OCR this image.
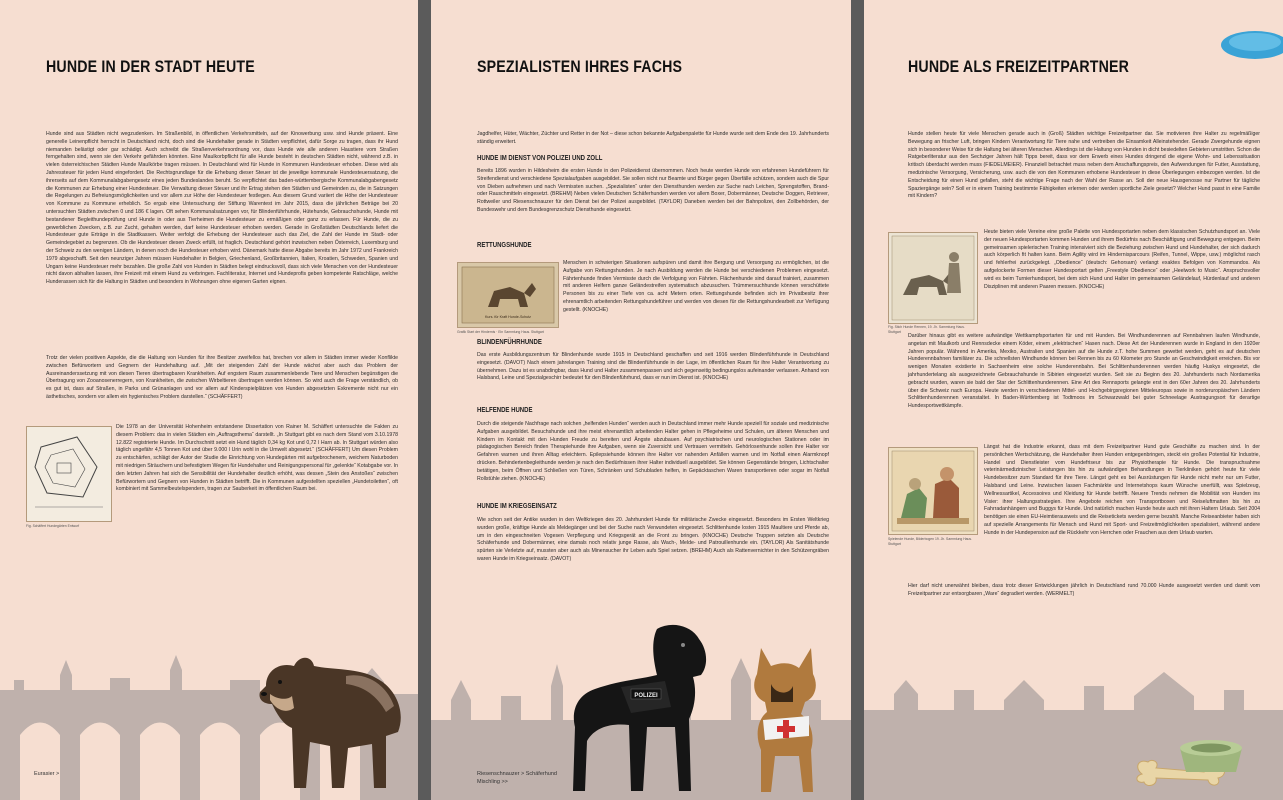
HUNDE IN DER STADT HEUTE

Hunde sind aus Städten nicht wegzudenken. Im Straßenbild, in öffentlichen Verkehrsmitteln, auf der Kinowerbung usw. sind Hunde präsent. Eine generelle Leinenpflicht herrscht in Deutschland nicht, doch sind die Hundehalter gerade in Städten verpflichtet, dafür Sorge zu tragen, dass ihr Hund niemanden belästigt oder gar schädigt. Auch schreibt die Straßenverkehrsordnung vor, dass Hunde wie alle anderen Haustiere vom Straßen ferngehalten sind, wenn sie den Verkehr gefährden könnten. Eine Maulkorbpflicht für alle Hunde besteht in deutschen Städten nicht, während z.B. in vielen österreichischen Städten Hunde Maulkörbe tragen müssen. In Deutschland wird für Hunde in Kommunen Hundesteuer erhoben. Diese wird als Jahressteuer für jeden Hund eingefordert. Die Rechtsgrundlage für die Erhebung dieser Steuer ist die jeweilige kommunale Hundesteuersatzung, die ihrerseits auf dem Kommunalabgabengesetz eines jeden Bundeslandes beruht. So verpflichtet das baden-württembergische Kommunalabgabengesetz die Kommunen zur Erhebung einer Hundesteuer. Die Verwaltung dieser Steuer und ihr Ertrag stehen den Städten und Gemeinden zu, die in Satzungen die Regelungen zu Befreiungsmöglichkeiten und vor allem zur Höhe der Hundesteuer festlegen. Aus diesem Grund variiert die Höhe der Hundesteuer von Kommune zu Kommune erheblich. So ergab eine Untersuchung der Stiftung Warentest im Jahr 2015, dass die jährlichen Beträge bei 20 untersuchten Städten zwischen 0 und 186 € lagen. Oft sehen Kommunalsatzungen vor, für Blindenführhunde, Hütehunde, Gebrauchshunde, Hunde mit bestandener Begleithundeprüfung und Hunde in oder aus Tierheimen die Hundesteuer zu ermäßigen oder ganz zu erlassen. Für Hunde, die zu gewerblichen Zwecken, z.B. zur Zucht, gehalten werden, darf keine Hundesteuer erhoben werden. Gerade in Großstädten Deutschlands liefert die Hundesteuer gute Erträge in die Stadtkassen. Weiter verfolgt die Erhebung der Hundesteuer auch das Ziel, die Zahl der Hunde im Stadt- oder Gemeindegebiet zu begrenzen. Ob die Hundesteuer diesen Zweck erfüllt, ist fraglich. Deutschland gehört inzwischen neben Österreich, Luxemburg und der Schweiz zu den wenigen Ländern, in denen noch die Hundesteuer erhoben wird. Dänemark hatte diese Abgabe bereits im Jahr 1972 und Frankreich 1979 abgeschafft. Seit den neunziger Jahren müssen Hundehalter in Belgien, Griechenland, Großbritannien, Italien, Kroatien, Schweden, Spanien und Ungarn keine Hundesteuer mehr bezahlen. Die große Zahl von Hunden in Städten belegt eindrucksvoll, dass sich viele Menschen von der Hundesteuer nicht davon abhalten lassen, ihre Freizeit mit einem Hund zu verbringen. Fachliteratur, Internet und Hundeprofis geben kompetente Ratschläge, welche Hunderassen sich für die Haltung in Städten und besonders in Wohnungen ohne eigenen Garten eignen.

Trotz der vielen positiven Aspekte, die die Haltung von Hunden für ihre Besitzer zweifellos hat, brechen vor allem in Städten immer wieder Konflikte zwischen Befürwortern und Gegnern der Hundehaltung auf. „Mit der steigenden Zahl der Hunde wächst aber auch das Problem der Ausreinanderssetzung mit von diesen Tieren übertragbaren Krankheiten. Auf engstem Raum zusammenlebende Tiere und Menschen begünstigen die Übertragung von Zooanosenerregern, von Krankheiten, die zwischen Wirbeltieren übertragen werden können. So wird auch die Frage verständlich, ob es gut ist, dass auf Straßen, in Parks und Grünanlagen und vor allem auf Kinderspielplätzen von Hunden abgesetzten Exkremente nicht nur ein ästhetisches, sondern vor allem ein hygienisches Problem darstellen.“ (SCHÄFFERT)

Fig. Schäffert Hundegärten Entwurf

Die 1978 an der Universität Hohenheim entstandene Dissertation von Rainer M. Schäffert untersuchte die Fakten zu diesem Problem: das in vielen Städten ein „Auftragsthema“ darstellt. „In Stuttgart gibt es nach dem Stand vom 3.10.1978 12.822 registrierte Hunde. Im Durchschnitt setzt ein Hund täglich 0,34 kg Kot und 0,72 l Harn ab. In Stuttgart würden also täglich ungefähr 4,5 Tonnen Kot und über 9.000 l Urin wohl in die Umwelt abgesetzt.“ (SCHÄFFERT) Um diesen Problem zu entschärfen, schlägt der Autor der Studie die Einrichtung von Hundegärten mit aufgebrochenem, weichem Naturboden mit niedrigen Sträuchern und befestigtem Wegen für Hundehalter und Reinigungspersonal für „gelenkte“ Kotabgabe vor. In den letzten Jahren hat sich die Sensibilität der Hundehalter deutlich erhöht, was dessen „Stein des Anstoßes“ zwischen Befürwortern und Gegnern von Hunden in Städten betrifft. Die in Kommunen aufgestellten speziellen „Hundetoiletten“, oft kombiniert mit Sammelbeutelspendern, tragen zur Sauberkeit im öffentlichen Raum bei.

Eurasier >
SPEZIALISTEN IHRES FACHS

Jagdhelfer, Hüter, Wächter, Züchter und Retter in der Not – diese schon bekannte Aufgabenpalette für Hunde wurde seit dem Ende des 19. Jahrhunderts ständig erweitert.

HUNDE IM DIENST VON POLIZEI UND ZOLL

Bereits 1896 wurden in Hildesheim die ersten Hunde in den Polizeidienst übernommen. Noch heute werden Hunde von erfahrenen Hundeführern für Streifendienst und verschiedene Spezialaufgaben ausgebildet. Sie sollen nicht nur Beamte und Bürger gegen Überfälle schützen, sondern auch die Spur von Dieben aufnehmen und nach Vermissten suchen. „Spezialisten“ unter den Diensthunden werden zur Suche nach Leichen, Sprengstoffen, Brand- oder Rauschmitteln eingesetzt. (BREHM) Neben vielen Deutschen Schäferhunden werden vor allem Boxer, Dobermänner, Deutsche Doggen, Retriever, Rottweiler und Riesenschnauzer für den Dienst bei der Polizei ausgebildet. (TAYLOR) Daneben werden bei der Bahnpolizei, den Zollbehörden, der Bundeswehr und dem Bundesgrenzschutz Diensthunde eingesetzt.

RETTUNGSHUNDE
Kurs. für Kraft Hunde-Schutz
Grafik Start der Hindernis · Ein Sammlung Haus. Stuttgart

Menschen in schwierigen Situationen aufspüren und damit ihre Bergung und Versorgung zu ermöglichen, ist die Aufgabe von Rettungshunden. Je nach Ausbildung werden die Hunde bei verschiedenen Problemen eingesetzt. Fährtenhunde finden Vermisste durch die Verfolgung von Fährten. Flächenhunde sind darauf trainiert, zusammen mit anderen Helfern ganze Geländestreifen systematisch abzusuchen. Trümmersuchhunde können verschüttete Personen bis zu einer Tiefe von ca. acht Metern orten. Rettungshunde befinden sich im Privatbesitz ihrer ehrenamtlich arbeitenden Rettungshundeführer und werden von diesen für die Rettungshundearbeit zur Verfügung gestellt. (KNOCHE)

BLINDENFÜHRHUNDE

Das erste Ausbildungszentrum für Blindenhunde wurde 1915 in Deutschland geschaffen und seit 1916 werden Blindenführhunde in Deutschland eingesetzt. (DAVOT) Nach einem jahrelangen Training sind die Blindenführhunde in der Lage, im öffentlichen Raum für ihre Halter Verantwortung zu übernehmen. Dazu ist es unabdingbar, dass Hund und Halter zusammenpassen und sich gegenseitig bedingungslos aufeinander verlassen. Anhand von Halsband, Leine und Spezialgeschirr bedeutet für den Blindenführhund, dass er nun im Dienst ist. (KNOCHE)

HELFENDE HUNDE

Durch die steigende Nachfrage nach solchen „helfenden Hunden“ werden auch in Deutschland immer mehr Hunde speziell für soziale und medizinische Aufgaben ausgebildet. Besuchshunde und ihre meist ehrenamtlich arbeitenden Halter gehen in Pflegeheime und Schulen, um älteren Menschen und Kindern im Kontakt mit den Hunden Freude zu bereiten und Ängste abzubauen. Auf psychiatrischen und neurologischen Stationen oder im pädagogischen Bereich finden Therapiehunde ihre Aufgaben, wenn sie Zuversicht und Vertrauen vermitteln. Gehörlosenhunde sollen ihre Halter vor Gefahren warnen und ihren Alltag erleichtern. Epilepsiehunde können ihre Halter vor nahenden Anfällen warnen und im Notfall einen Alarmknopf drücken. Behindertenbegleithunde werden je nach den Bedürfnissen ihrer Halter individuell ausgebildet. Sie können Gegenstände bringen, Lichtschalter betätigen, beim Öffnen und Schließen von Türen, Schränken und Schubladen helfen, in Gepäcktaschen Waren transportieren oder sogar im Notfall Rollstühle ziehen. (KNOCHE)

HUNDE IM KRIEGSEINSATZ

Wie schon seit der Antike wurden in den Weltkriegen des 20. Jahrhundert Hunde für militärische Zwecke eingesetzt. Besonders im Ersten Weltkrieg wurden große, kräftige Hunde als Meldegänger und bei der Suche nach Verwundeten eingesetzt. Schlittenhunde losten 1915 Maultiere und Pferde ab, um in den eingeschneiten Vogesen Verpflegung und Kriegsgerät an die Front zu bringen. (KNOCHE) Deutsche Truppen setzten als Deutsche Schäferhunde und Dobermänner, eine damals noch relativ junge Rasse, als Wach-, Melde- und Patrouillenhunde ein. (TAYLOR) Als Sanitätshunde spürten sie Verletzte auf, mussten aber auch als Minensucher ihr Leben aufs Spiel setzen. (BREHM) Auch als Rattenvernichter in den Schützengräben waren Hunde im Kriegseinsatz. (DAVOT)

POLIZEI
Riesenschnauzer > Schäferhund Mischling >>
HUNDE ALS FREIZEITPARTNER

Hunde stellen heute für viele Menschen gerade auch in (Groß) Städten wichtige Freizeitpartner dar. Sie motivieren ihre Halter zu regelmäßiger Bewegung an frischer Luft, bringen Kindern Verantwortung für Tiere nahe und vertreiben die Einsamkeit Alleinstehender. Gerade Zwergehunde eignen sich in besonderer Weise für die Haltung bei älteren Menschen. Allerdings ist die Haltung von Hunden in dicht besiedelten Gebieten umstritten. Schon die Ratgeberliteratur aus den Sechziger Jahren hält Tipps bereit, dass vor dem Erwerb eines Hundes dringend die eigene Wohn- und Lebenssituation kritisch überdacht werden muss (FIEDELMEIER). Finanziell betrachtet muss neben dem Anschaffungspreis, den Aufwendungen für Futter, Ausstattung, medizinische Versorgung, Versicherung, usw. auch die von den Kommunen erhobene Hundesteuer in diese Überlegungen einbezogen werden. Ist die Entscheidung für einen Hund gefallen, steht die wichtige Frage nach der Wahl der Rasse an. Soll der neue Hausgenosse nur Partner für tägliche Spaziergänge sein? Soll er in einem Training bestimmte Fähigkeiten erlernen oder werden sportliche Ziele gesetzt? Welcher Hund passt in eine Familie mit Kindern?

Fig. Stich Hunde Rennen, 19. Jh. Sammlung Haus. Stuttgart

Heute bieten viele Vereine eine große Palette von Hundesportarten neben dem klassischen Schutzhundsport an. Viele der neuen Hundesportarten kommen Hunden und ihrem Bedürfnis nach Beschäftigung und Bewegung entgegen. Beim gemeinsamen spielerischen Training intensiviert sich die Beziehung zwischen Hund und Hundehalter, der sich dadurch auch körperlich fit halten kann. Beim Agility wird im Hindernisparcours (Reifen, Tunnel, Wippe, usw.) möglichst rasch und fehlerfrei zurückgelegt. „Obedience“ (deutsch: Gehorsam) verlangt exaktes Befolgen von Kommandos. Als aufgelockerte Formen dieser Hundesportart gelten „Freestyle Obedience“ oder „Heelwork to Music“. Anspruchsvoller wird es beim Turnierhundsport, bei dem sich Hund und Halter im gemeinsamen Geländelauf, Hürdenlauf und anderen Disziplinen mit anderen Paaren messen. (KNOCHE)

Darüber hinaus gibt es weitere aufwändige Wettkampfsportarten für und mit Hunden. Bei Windhunderennen auf Rennbahnen laufen Windhunde, angetan mit Maulkorb und Rennsdecke einem Köder, einem „elektrischen“ Hasen nach. Diese Art der Hunderennen wurde in England in den 1920er Jahren populär. Während in Amerika, Mexiko, Australien und Spanien auf die Hunde z.T. hohe Summen gewettet werden, geht es auf deutschen Hunderennbahnen familiärer zu. Die schnellsten Windhunde können bei Rennen bis zu 60 Kilometer pro Stunde an Geschwindigkeit erreichen. Bis vor wenigen Monaten existierte in Sachsenheim eine solche Hunderennbahn. Bei Schlittenhunderennen werden häufig Huskys eingesetzt, die jahrhundertelang als ausgezeichnete Gebrauchshunde in Sibirien eingesetzt wurden. Seit sie zu Beginn des 20. Jahrhunderts nach Nordamerika gebracht wurden, waren sie bald der Star der Schlittenhunderennen. Eine Art des Rennsports gelangte erst in den 60er Jahren des 20. Jahrhunderts über die Schweiz nach Europa. Heute werden in verschiedenen Mittel- und Hochgebirgsregionen Mitteleuropas sowie in norderuropäischen Ländern Schlittenhunderennen veranstaltet. In Baden-Württemberg ist Todtmoos im Schwarzwald bei guter Schneelage Austragungsort für derartige Hundesportwettkämpfe.

Spielende Hunde, Bilderbogen 19. Jh. Sammlung Haus. Stuttgart

Längst hat die Industrie erkannt, dass mit dem Freizeitpartner Hund gute Geschäfte zu machen sind. In der persönlichen Wertschätzung, die Hundehalter ihren Hunden entgegenbringen, steckt ein großes Potential für Industrie, Handel und Dienstleister vom Hundefriseur bis zur Physiotherapie für Hunde. Die transpruchsahme veterinärmedizinischer Leistungen bis hin zu aufwändigen Behandlungen in Tierkliniken gehört heute für viele Hundebesitzer zum Standard für ihre Tiere. Längst geht es bei Ausrüstungen für Hunde nicht mehr nur um Futter, Halsband und Leine. Inzwischen lassen Fachmärkte und Internetshops kaum Wünsche unerfüllt, was Spielzeug, Wellnessartikel, Accessoires und Kleidung für Hunde betrifft. Neuere Trends nehmen die Mobilität von Hunden ins Visier: ihrer Haltungsstrategien. Ihre Angebote reichen von Transportboxen und Reiseluftmatten bis hin zu Fahrradanhängern und Buggys für Hunde. Und natürlich machen Hunde heute auch mit ihren Haltern Urlaub. Seit 2004 benötigen sie einen EU-Heimtierausweis und die Reisetickets werden gerne bezahlt. Manche Reiseanbieter haben sich auf spezielle Arrangements für Mensch und Hund mit Sport- und Freizeitmöglichkeiten spezialisiert, während andere Hunde in der Hundepension auf die Rückkehr von Herrchen oder Frauchen aus dem Urlaub warten.

Hier darf nicht unerwähnt bleiben, dass trotz dieser Entwicklungen jährlich in Deutschland rund 70.000 Hunde ausgesetzt werden und damit vom Freizeitpartner zur entsorgbaren „Ware“ degradiert werden. (WERMELT)
